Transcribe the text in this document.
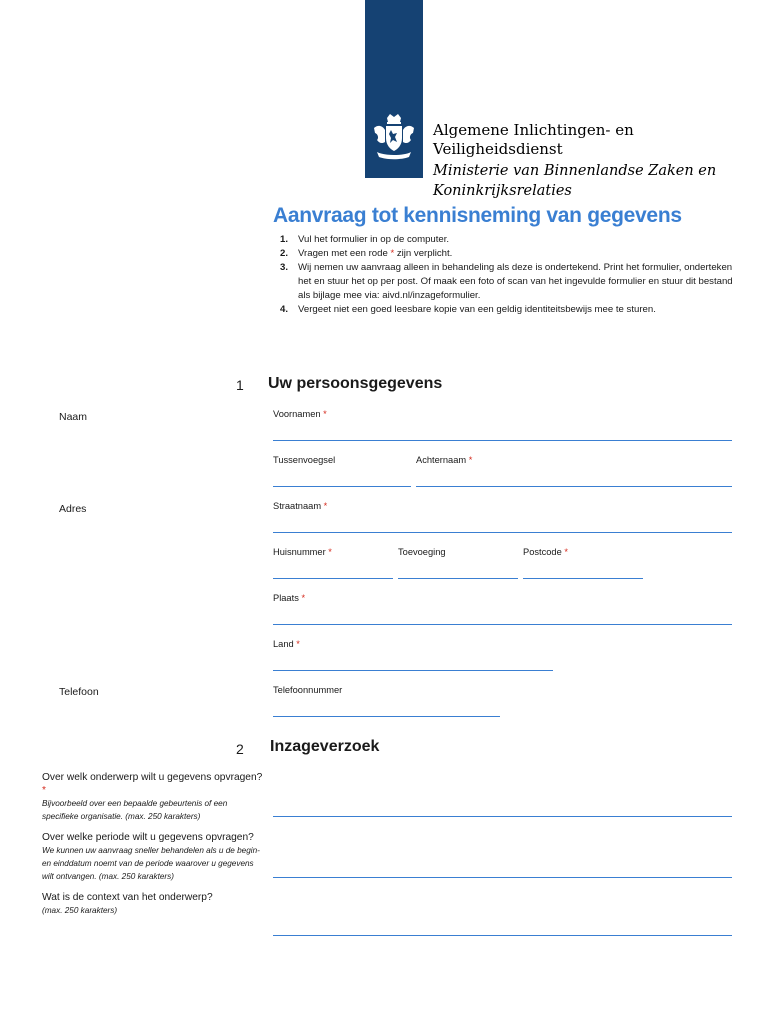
Algemene Inlichtingen- en
Veiligheidsdienst
Ministerie van Binnenlandse Zaken en
Koninkrijksrelaties
Aanvraag tot kennisneming van gegevens
1. Vul het formulier in op de computer.
2. Vragen met een rode * zijn verplicht.
3. Wij nemen uw aanvraag alleen in behandeling als deze is ondertekend. Print het formulier, onderteken het en stuur het op per post. Of maak een foto of scan van het ingevulde formulier en stuur dit bestand als bijlage mee via: aivd.nl/inzageformulier.
4. Vergeet niet een goed leesbare kopie van een geldig identiteitsbewijs mee te sturen.
1 Uw persoonsgegevens
Naam	Voornamen *
Tussenvoegsel	Achternaam *
Adres	Straatnaam *
Huisnummer *	Toevoeging	Postcode *
Plaats *
Land *
Telefoon	Telefoonnummer
2 Inzageverzoek
Over welk onderwerp wilt u gegevens opvragen? *
Bijvoorbeeld over een bepaalde gebeurtenis of een specifieke organisatie. (max. 250 karakters)
Over welke periode wilt u gegevens opvragen?
We kunnen uw aanvraag sneller behandelen als u de begin- en einddatum noemt van de periode waarover u gegevens wilt ontvangen. (max. 250 karakters)
Wat is de context van het onderwerp?
(max. 250 karakters)
